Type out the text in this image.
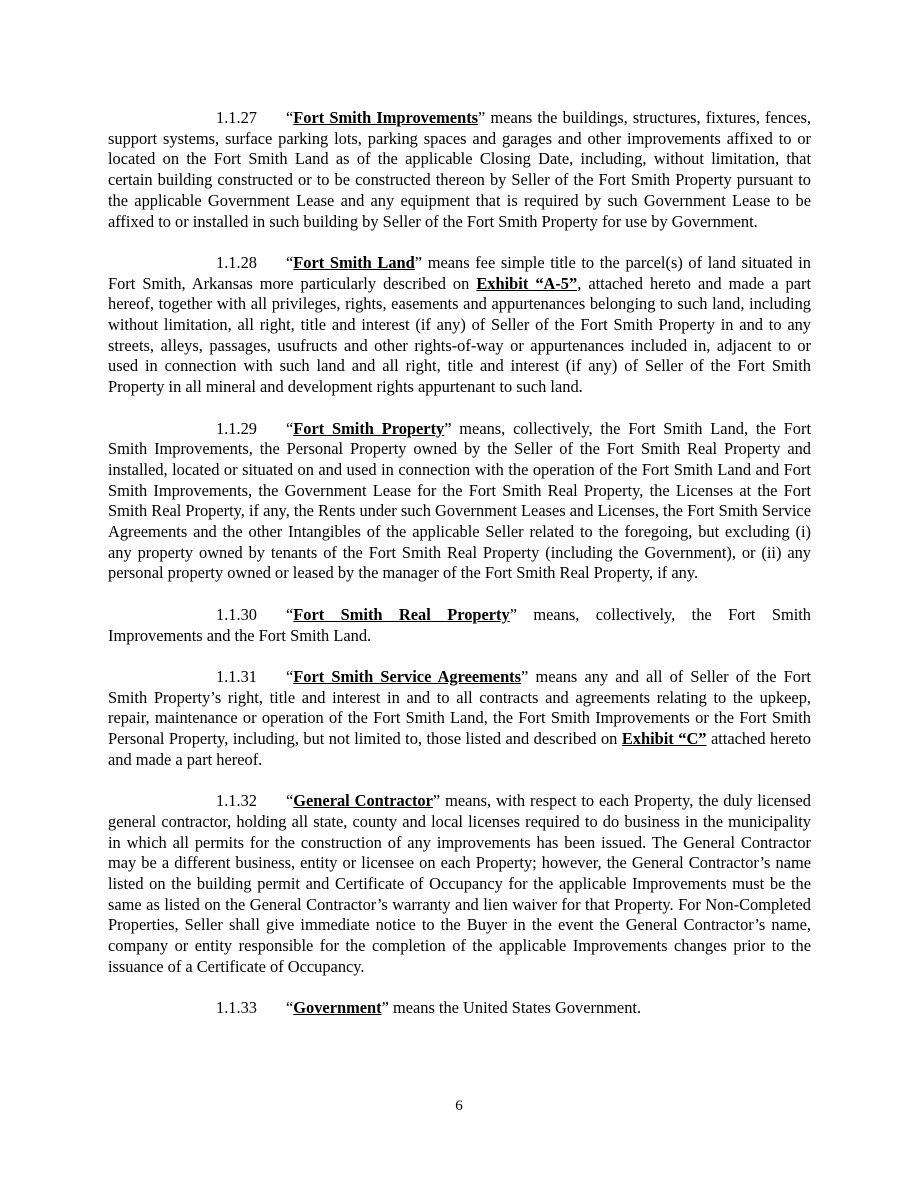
1.1.27 “Fort Smith Improvements” means the buildings, structures, fixtures, fences, support systems, surface parking lots, parking spaces and garages and other improvements affixed to or located on the Fort Smith Land as of the applicable Closing Date, including, without limitation, that certain building constructed or to be constructed thereon by Seller of the Fort Smith Property pursuant to the applicable Government Lease and any equipment that is required by such Government Lease to be affixed to or installed in such building by Seller of the Fort Smith Property for use by Government.

1.1.28 “Fort Smith Land” means fee simple title to the parcel(s) of land situated in Fort Smith, Arkansas more particularly described on Exhibit “A-5”, attached hereto and made a part hereof, together with all privileges, rights, easements and appurtenances belonging to such land, including without limitation, all right, title and interest (if any) of Seller of the Fort Smith Property in and to any streets, alleys, passages, usufructs and other rights-of-way or appurtenances included in, adjacent to or used in connection with such land and all right, title and interest (if any) of Seller of the Fort Smith Property in all mineral and development rights appurtenant to such land.

1.1.29 “Fort Smith Property” means, collectively, the Fort Smith Land, the Fort Smith Improvements, the Personal Property owned by the Seller of the Fort Smith Real Property and installed, located or situated on and used in connection with the operation of the Fort Smith Land and Fort Smith Improvements, the Government Lease for the Fort Smith Real Property, the Licenses at the Fort Smith Real Property, if any, the Rents under such Government Leases and Licenses, the Fort Smith Service Agreements and the other Intangibles of the applicable Seller related to the foregoing, but excluding (i) any property owned by tenants of the Fort Smith Real Property (including the Government), or (ii) any personal property owned or leased by the manager of the Fort Smith Real Property, if any.

1.1.30 “Fort Smith Real Property” means, collectively, the Fort Smith Improvements and the Fort Smith Land.

1.1.31 “Fort Smith Service Agreements” means any and all of Seller of the Fort Smith Property’s right, title and interest in and to all contracts and agreements relating to the upkeep, repair, maintenance or operation of the Fort Smith Land, the Fort Smith Improvements or the Fort Smith Personal Property, including, but not limited to, those listed and described on Exhibit “C” attached hereto and made a part hereof.

1.1.32 “General Contractor” means, with respect to each Property, the duly licensed general contractor, holding all state, county and local licenses required to do business in the municipality in which all permits for the construction of any improvements has been issued. The General Contractor may be a different business, entity or licensee on each Property; however, the General Contractor’s name listed on the building permit and Certificate of Occupancy for the applicable Improvements must be the same as listed on the General Contractor’s warranty and lien waiver for that Property. For Non-Completed Properties, Seller shall give immediate notice to the Buyer in the event the General Contractor’s name, company or entity responsible for the completion of the applicable Improvements changes prior to the issuance of a Certificate of Occupancy.

1.1.33 “Government” means the United States Government.

6
